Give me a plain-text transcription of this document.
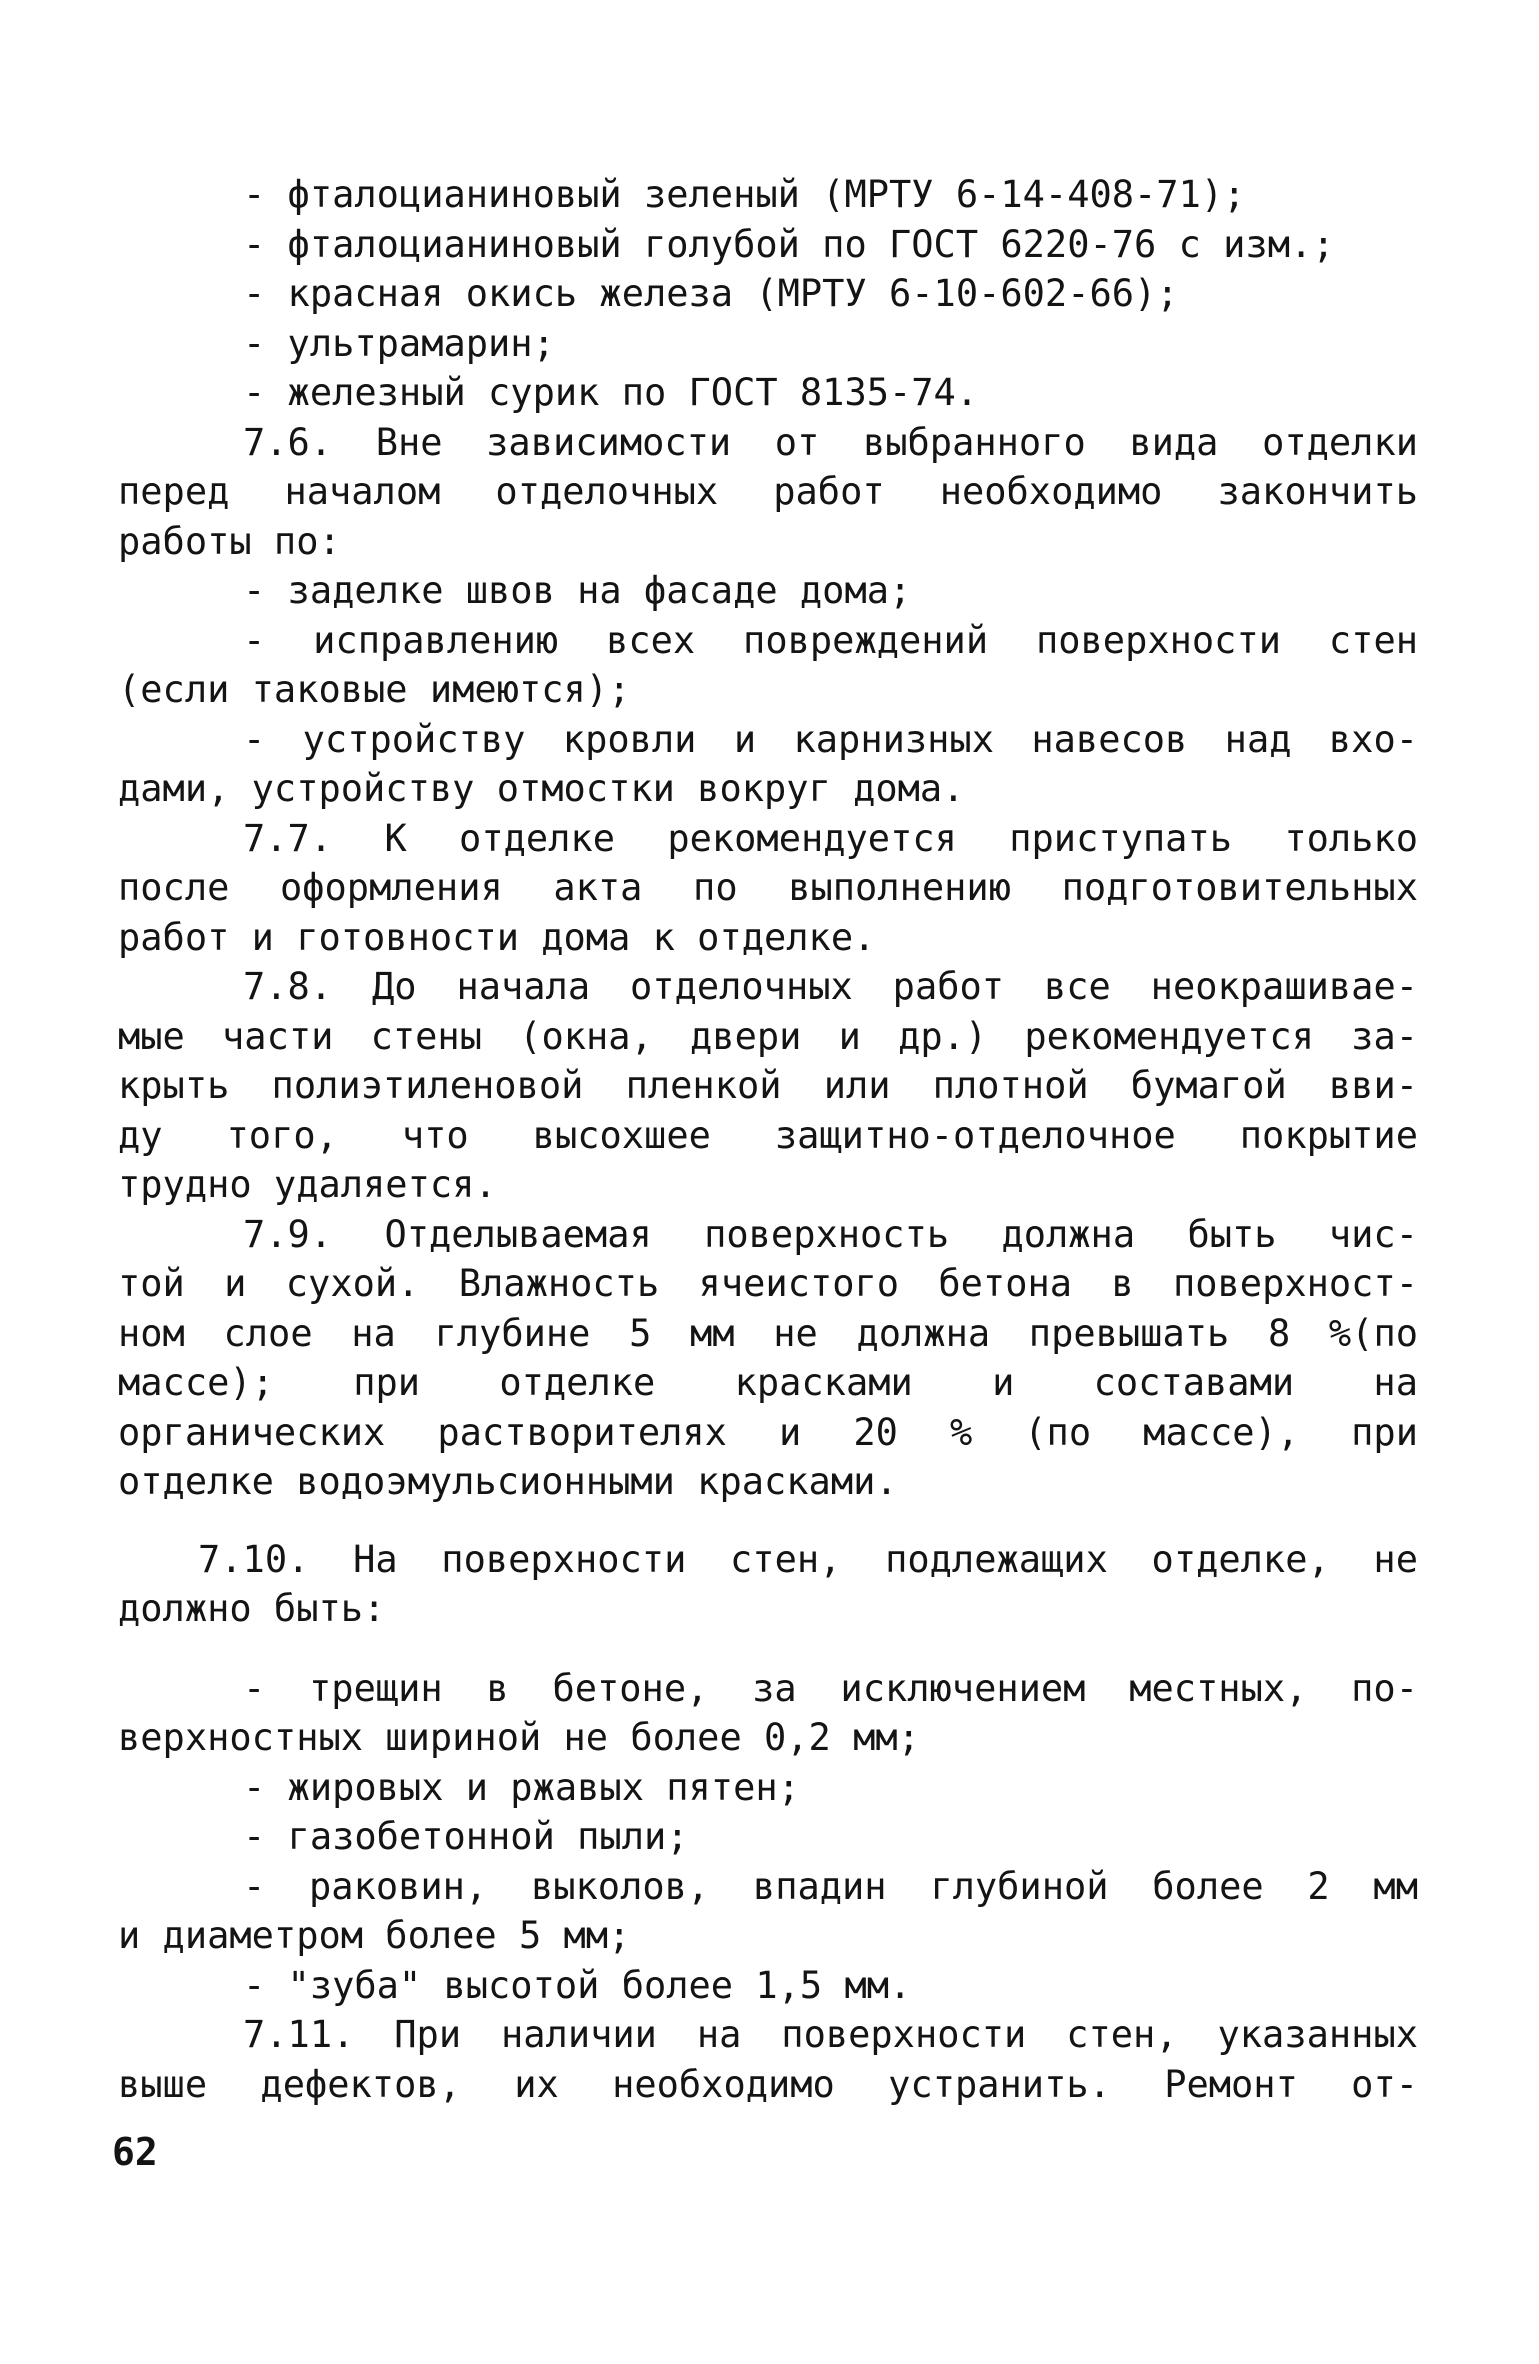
- фталоцианиновый зеленый (МРТУ 6-14-408-71);
- фталоцианиновый голубой по ГОСТ 6220-76 с изм.;
- красная окись железа (МРТУ 6-10-602-66);
- ультрамарин;
- железный сурик по ГОСТ 8135-74.
7.6. Вне зависимости от выбранного вида отделки
перед началом отделочных работ необходимо закончить
работы по:
- заделке швов на фасаде дома;
- исправлению всех повреждений поверхности стен
(если таковые имеются);
- устройству кровли и карнизных навесов над вхо-
дами, устройству отмостки вокруг дома.
7.7. К отделке рекомендуется приступать только
после оформления акта по выполнению подготовительных
работ и готовности дома к отделке.
7.8. До начала отделочных работ все неокрашивае-
мые части стены (окна, двери и др.) рекомендуется за-
крыть полиэтиленовой пленкой или плотной бумагой вви-
ду того, что высохшее защитно-отделочное покрытие
трудно удаляется.
7.9. Отделываемая поверхность должна быть чис-
той и сухой. Влажность ячеистого бетона в поверхност-
ном слое на глубине 5 мм не должна превышать 8 %(по
массе); при отделке красками и составами на
органических растворителях и 20 % (по массе), при
отделке водоэмульсионными красками.
7.10. На поверхности стен, подлежащих отделке, не
должно быть:
- трещин в бетоне, за исключением местных, по-
верхностных шириной не более 0,2 мм;
- жировых и ржавых пятен;
- газобетонной пыли;
- раковин, выколов, впадин глубиной более 2 мм
и диаметром более 5 мм;
- "зуба" высотой более 1,5 мм.
7.11. При наличии на поверхности стен, указанных
выше дефектов, их необходимо устранить. Ремонт от-
62
